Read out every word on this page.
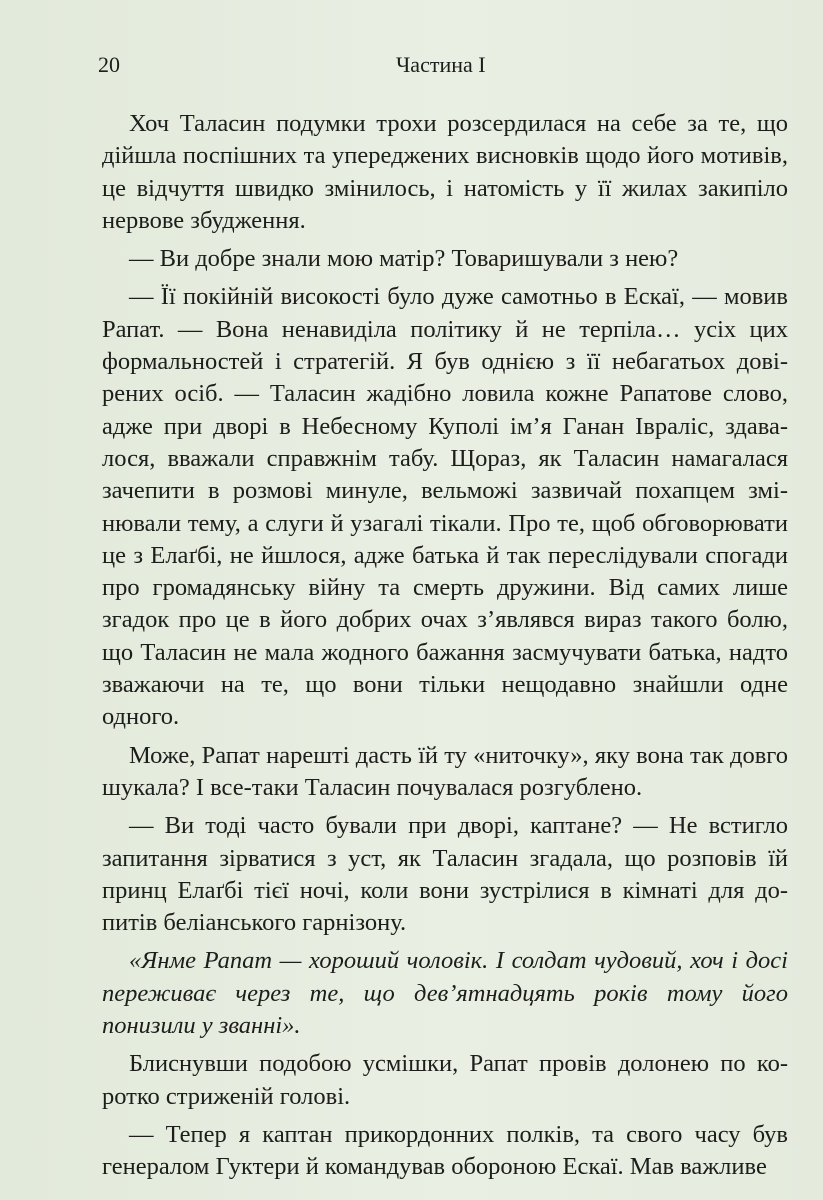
20	Частина I

Хоч Таласин подумки трохи розсердилася на себе за те, що дійшла поспішних та упереджених висновків щодо його мотивів, це відчуття швидко змінилось, і натомість у її жилах закипіло нервове збудження.

— Ви добре знали мою матір? Товаришували з нею?

— Її покійній високості було дуже самотньо в Ескаї, — мовив Рапат. — Вона ненавиділа політику й не терпіла… усіх цих формальностей і стратегій. Я був однією з її небагатьох довірених осіб. — Таласин жадібно ловила кожне Рапатове слово, адже при дворі в Небесному Куполі ім’я Ганан Івраліс, здавалося, вважали справжнім табу. Щораз, як Таласин намагалася зачепити в розмові минуле, вельможі зазвичай похапцем змінювали тему, а слуги й узагалі тікали. Про те, щоб обговорювати це з Елаґбі, не йшлося, адже батька й так переслідували спогади про громадянську війну та смерть дружини. Від самих лише згадок про це в його добрих очах з’являвся вираз такого болю, що Таласин не мала жодного бажання засмучувати батька, надто зважаючи на те, що вони тільки нещодавно знайшли одне одного.

Може, Рапат нарешті дасть їй ту «ниточку», яку вона так довго шукала? І все-таки Таласин почувалася розгублено.

— Ви тоді часто бували при дворі, каптане? — Не встигло запитання зірватися з уст, як Таласин згадала, що розповів їй принц Елаґбі тієї ночі, коли вони зустрілися в кімнаті для допитів беліанського гарнізону.

«Янме Рапат — хороший чоловік. І солдат чудовий, хоч і досі переживає через те, що дев’ятнадцять років тому його понизили у званні».

Блиснувши подобою усмішки, Рапат провів долонею по коротко стриженій голові.

— Тепер я каптан прикордонних полків, та свого часу був генералом Гуктери й командував обороною Ескаї. Мав важливе
